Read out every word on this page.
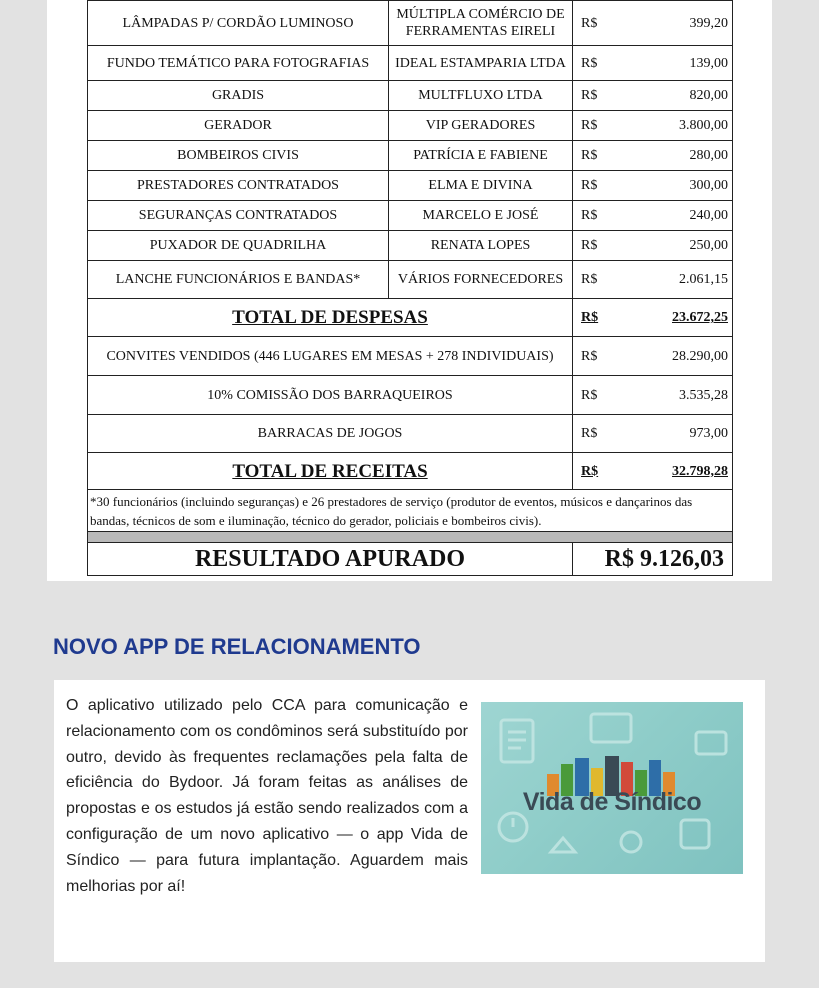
LÂMPADAS P/ CORDÃO LUMINOSO	MÚLTIPLA COMÉRCIO DE FERRAMENTAS EIRELI	R$	399,20
FUNDO TEMÁTICO PARA FOTOGRAFIAS	IDEAL ESTAMPARIA LTDA	R$	139,00
GRADIS	MULTFLUXO LTDA	R$	820,00
GERADOR	VIP GERADORES	R$	3.800,00
BOMBEIROS CIVIS	PATRÍCIA E FABIENE	R$	280,00
PRESTADORES CONTRATADOS	ELMA E DIVINA	R$	300,00
SEGURANÇAS CONTRATADOS	MARCELO E JOSÉ	R$	240,00
PUXADOR DE QUADRILHA	RENATA LOPES	R$	250,00
LANCHE FUNCIONÁRIOS E BANDAS*	VÁRIOS FORNECEDORES	R$	2.061,15
TOTAL DE DESPESAS		R$	23.672,25
CONVITES VENDIDOS (446 LUGARES EM MESAS + 278 INDIVIDUAIS)		R$	28.290,00
10% COMISSÃO DOS BARRAQUEIROS		R$	3.535,28
BARRACAS DE JOGOS		R$	973,00
TOTAL DE RECEITAS		R$	32.798,28
*30 funcionários (incluindo seguranças) e 26 prestadores de serviço (produtor de eventos, músicos e dançarinos das bandas, técnicos de som e iluminação, técnico do gerador, policiais e bombeiros civis).			

RESULTADO APURADO		R$ 9.126,03	
NOVO APP DE RELACIONAMENTO

O aplicativo utilizado pelo CCA para comunicação e relacionamento com os condôminos será substituído por outro, devido às frequentes reclamações pela falta de eficiência do Bydoor. Já foram feitas as análises de propostas e os estudos já estão sendo realizados com a configuração de um novo aplicativo — o app Vida de Síndico — para futura implantação. Aguardem mais melhorias por aí!

Vida de Síndico
